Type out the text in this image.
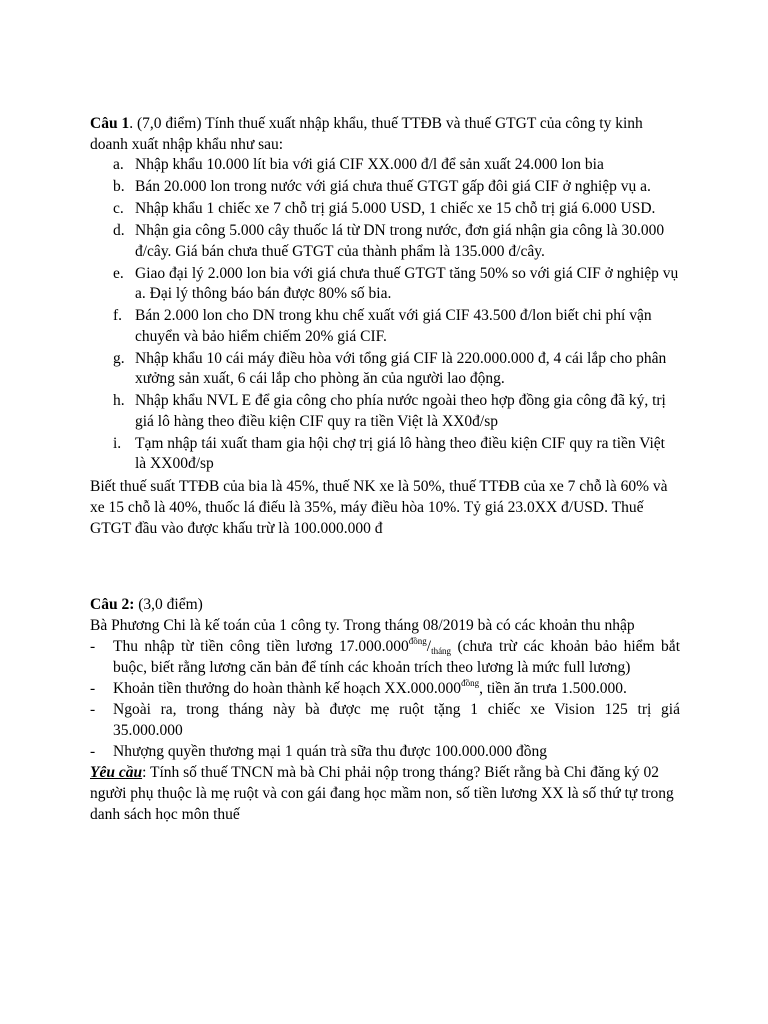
Câu 1. (7,0 điểm) Tính thuế xuất nhập khẩu, thuế TTĐB và thuế GTGT của công ty kinh doanh xuất nhập khẩu như sau:

a. Nhập khẩu 10.000 lít bia với giá CIF XX.000 đ/l để sản xuất 24.000 lon bia
b. Bán 20.000 lon trong nước với giá chưa thuế GTGT gấp đôi giá CIF ở nghiệp vụ a.
c. Nhập khẩu 1 chiếc xe 7 chỗ trị giá 5.000 USD, 1 chiếc xe 15 chỗ trị giá 6.000 USD.
d. Nhận gia công 5.000 cây thuốc lá từ DN trong nước, đơn giá nhận gia công là 30.000 đ/cây. Giá bán chưa thuế GTGT của thành phẩm là 135.000 đ/cây.
e. Giao đại lý 2.000 lon bia với giá chưa thuế GTGT tăng 50% so với giá CIF ở nghiệp vụ a. Đại lý thông báo bán được 80% số bia.
f. Bán 2.000 lon cho DN trong khu chế xuất với giá CIF 43.500 đ/lon biết chi phí vận chuyển và bảo hiểm chiếm 20% giá CIF.
g. Nhập khẩu 10 cái máy điều hòa với tổng giá CIF là 220.000.000 đ, 4 cái lắp cho phân xưởng sản xuất, 6 cái lắp cho phòng ăn của người lao động.
h. Nhập khẩu NVL E để gia công cho phía nước ngoài theo hợp đồng gia công đã ký, trị giá lô hàng theo điều kiện CIF quy ra tiền Việt là XX0đ/sp
i. Tạm nhập tái xuất tham gia hội chợ trị giá lô hàng theo điều kiện CIF quy ra tiền Việt là XX00đ/sp

Biết thuế suất TTĐB của bia là 45%, thuế NK xe là 50%, thuế TTĐB của xe 7 chỗ là 60% và xe 15 chỗ là 40%, thuốc lá điếu là 35%, máy điều hòa 10%. Tỷ giá 23.0XX đ/USD. Thuế GTGT đầu vào được khấu trừ là 100.000.000 đ

Câu 2: (3,0 điểm)

Bà Phương Chi là kế toán của 1 công ty. Trong tháng 08/2019 bà có các khoản thu nhập

- Thu nhập từ tiền công tiền lương $17.000.000^{đồng}/_{tháng}$ (chưa trừ các khoản bảo hiểm bắt buộc, biết rằng lương căn bản để tính các khoản trích theo lương là mức full lương)
- Khoản tiền thưởng do hoàn thành kế hoạch $XX.000.000^{đồng}$, tiền ăn trưa 1.500.000.
- Ngoài ra, trong tháng này bà được mẹ ruột tặng 1 chiếc xe Vision 125 trị giá 35.000.000
- Nhượng quyền thương mại 1 quán trà sữa thu được 100.000.000 đồng

Yêu cầu: Tính số thuế TNCN mà bà Chi phải nộp trong tháng? Biết rằng bà Chi đăng ký 02 người phụ thuộc là mẹ ruột và con gái đang học mầm non, số tiền lương XX là số thứ tự trong danh sách học môn thuế
